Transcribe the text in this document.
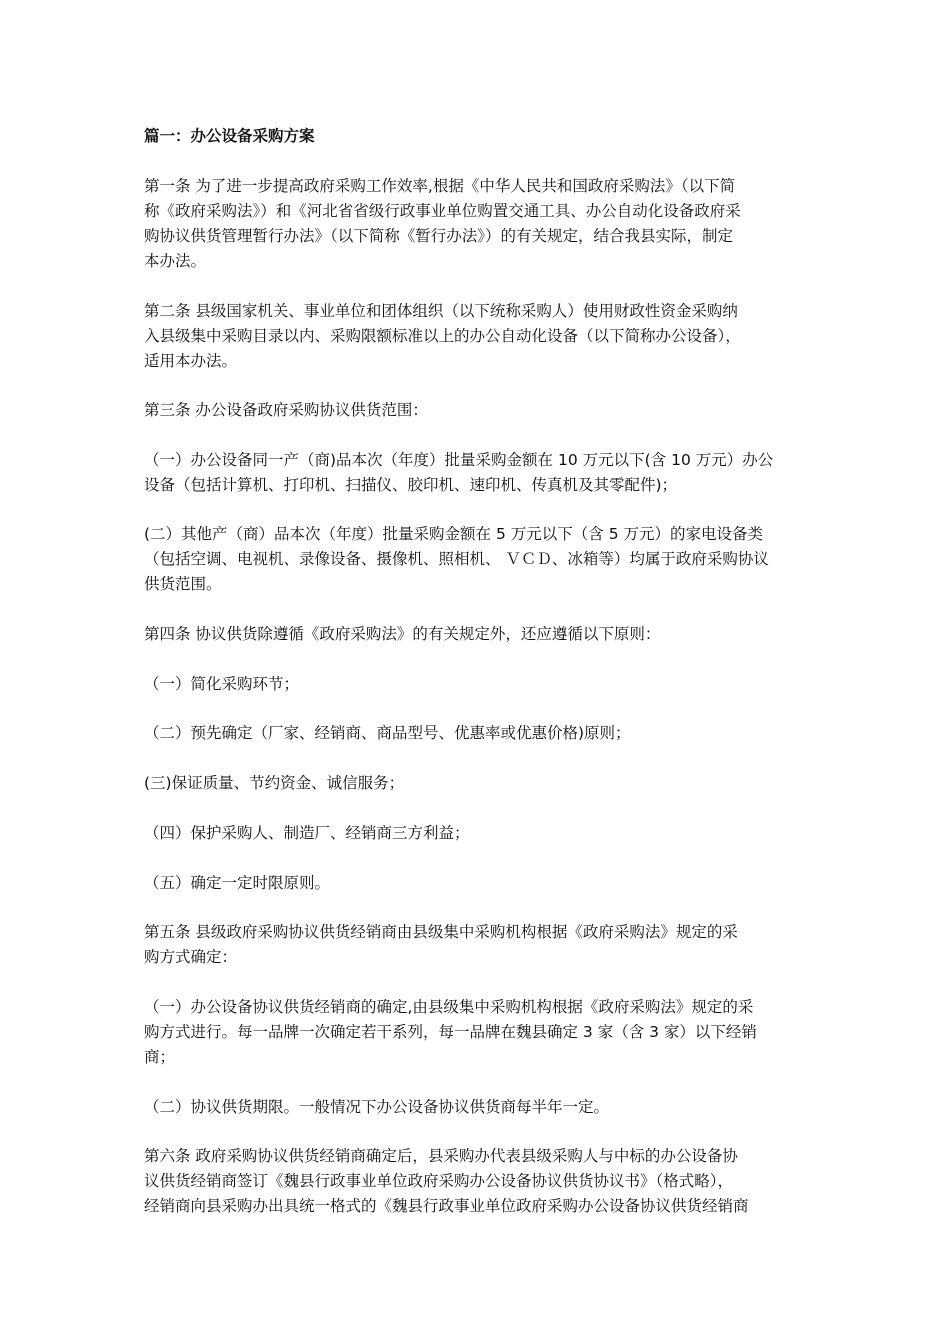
篇一：办公设备采购方案
第一条 为了进一步提高政府采购工作效率,根据《中华人民共和国政府采购法》（以下简
称《政府采购法》）和《河北省省级行政事业单位购置交通工具、办公自动化设备政府采
购协议供货管理暂行办法》（以下简称《暂行办法》）的有关规定，结合我县实际，制定
本办法。
第二条 县级国家机关、事业单位和团体组织（以下统称采购人）使用财政性资金采购纳
入县级集中采购目录以内、采购限额标准以上的办公自动化设备（以下简称办公设备），
适用本办法。
第三条 办公设备政府采购协议供货范围：
（一）办公设备同一产（商)品本次（年度）批量采购金额在 10 万元以下(含 10 万元）办公
设备（包括计算机、打印机、扫描仪、胶印机、速印机、传真机及其零配件)；
(二）其他产（商）品本次（年度）批量采购金额在 5 万元以下（含 5 万元）的家电设备类
（包括空调、电视机、录像设备、摄像机、照相机、 ＶＣＤ、冰箱等）均属于政府采购协议
供货范围。
第四条 协议供货除遵循《政府采购法》的有关规定外，还应遵循以下原则：
（一）简化采购环节；
（二）预先确定（厂家、经销商、商品型号、优惠率或优惠价格)原则；
(三)保证质量、节约资金、诚信服务；
（四）保护采购人、制造厂、经销商三方利益；
（五）确定一定时限原则。
第五条 县级政府采购协议供货经销商由县级集中采购机构根据《政府采购法》规定的采
购方式确定：
（一）办公设备协议供货经销商的确定,由县级集中采购机构根据《政府采购法》规定的采
购方式进行。每一品牌一次确定若干系列，每一品牌在魏县确定 3 家（含 3 家）以下经销
商；
（二）协议供货期限。一般情况下办公设备协议供货商每半年一定。
第六条 政府采购协议供货经销商确定后，县采购办代表县级采购人与中标的办公设备协
议供货经销商签订《魏县行政事业单位政府采购办公设备协议供货协议书》（格式略），
经销商向县采购办出具统一格式的《魏县行政事业单位政府采购办公设备协议供货经销商
